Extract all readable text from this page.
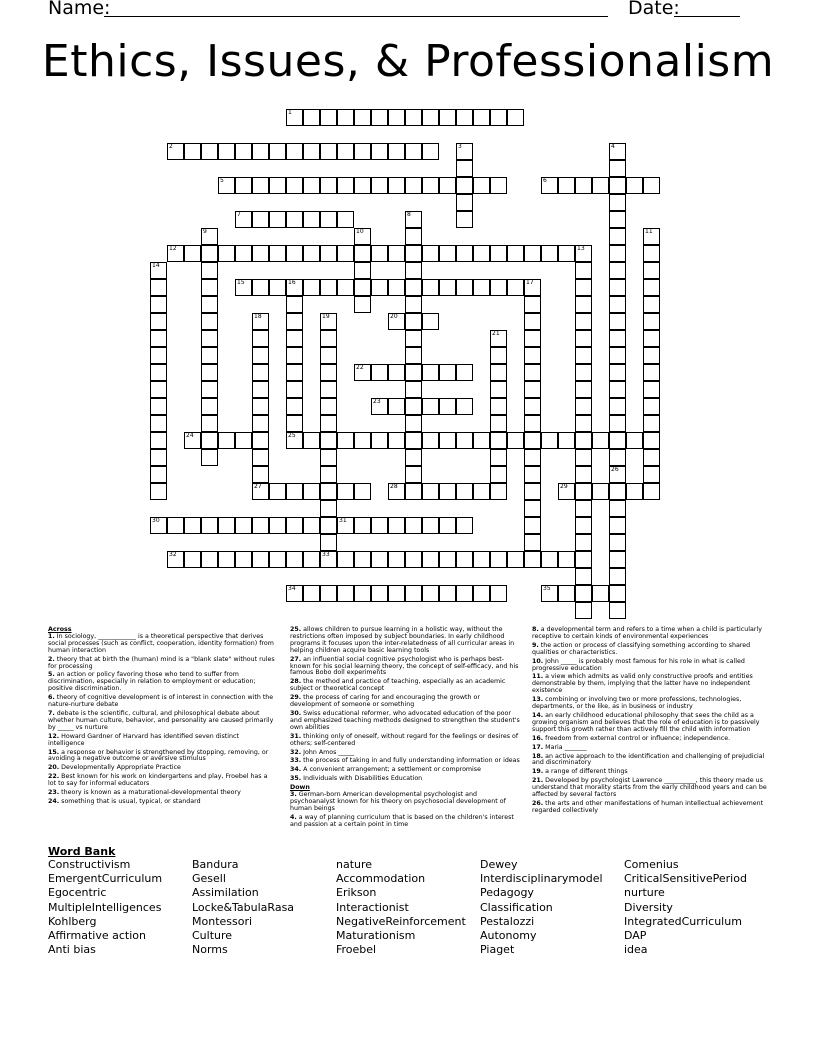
Name:	Date:
Ethics, Issues, & Professionalism
1
2	3	4
5	6
7	8
9	10	11
12	13
14
15	16	17
25
18
27
19	20
21
22
23
24
26
28	29
30	31
32	33
34	35
Across
1. In sociology, ____________ is a theoretical perspective that derives social processes (such as conflict, cooperation, identity formation) from human interaction
2. theory that at birth the (human) mind is a "blank slate" without rules for processing
5. an action or policy favoring those who tend to suffer from discrimination, especially in relation to employment or education; positive discrimination.
6. theory of cognitive development is of interest in connection with the nature-nurture debate
7. debate is the scientific, cultural, and philosophical debate about whether human culture, behavior, and personality are caused primarily by _____ vs nurture
12. Howard Gardner of Harvard has identified seven distinct intelligence
15. a response or behavior is strengthened by stopping, removing, or avoiding a negative outcome or aversive stimulus
20. Developmentally Appropriate Practice
22. Best known for his work on kindergartens and play, Froebel has a lot to say for informal educators
23. theory is known as a maturational-developmental theory
24. something that is usual, typical, or standard
25. allows children to pursue learning in a holistic way, without the restrictions often imposed by subject boundaries. In early childhood programs it focuses upon the inter-relatedness of all curricular areas in helping children acquire basic learning tools
27. an influential social cognitive psychologist who is perhaps best-known for his social learning theory, the concept of self-efficacy, and his famous Bobo doll experiments
28. the method and practice of teaching, especially as an academic subject or theoretical concept
29. the process of caring for and encouraging the growth or development of someone or something
30. Swiss educational reformer, who advocated education of the poor and emphasized teaching methods designed to strengthen the student's own abilities
31. thinking only of oneself, without regard for the feelings or desires of others; self-centered
32. John Amos _____
33. the process of taking in and fully understanding information or ideas
34. A convenient arrangement; a settlement or compromise
35. Individuals with Disabilities Education
Down
3. German-born American developmental psychologist and psychoanalyst known for his theory on psychosocial development of human beings
4. a way of planning curriculum that is based on the children's interest and passion at a certain point in time
8. a developmental term and refers to a time when a child is particularly receptive to certain kinds of environmental experiences
9. the action or process of classifying something according to shared qualities or characteristics.
10. John _____ is probably most famous for his role in what is called progressive education
11. a view which admits as valid only constructive proofs and entities demonstrable by them, implying that the latter have no independent existence
13. combining or involving two or more professions, technologies, departments, or the like, as in business or industry
14. an early childhood educational philosophy that sees the child as a growing organism and believes that the role of education is to passively support this growth rather than actively fill the child with information
16. freedom from external control or influence; independence.
17. Maria _______
18. an active approach to the identification and challenging of prejudicial and discriminatory
19. a range of different things
21. Developed by psychologist Lawrence __________, this theory made us understand that morality starts from the early childhood years and can be affected by several factors
26. the arts and other manifestations of human intellectual achievement regarded collectively
Word Bank
Constructivism
EmergentCurriculum
Egocentric
MultipleIntelligences
Kohlberg
Affirmative action
Anti bias
Bandura
Gesell
Assimilation
Locke&TabulaRasa
Montessori
Culture
Norms
nature
Accommodation
Erikson
Interactionist
NegativeReinforcement
Maturationism
Froebel
Dewey
Interdisciplinarymodel
Pedagogy
Classification
Pestalozzi
Autonomy
Piaget
Comenius
CriticalSensitivePeriod
nurture
Diversity
IntegratedCurriculum
DAP
idea
